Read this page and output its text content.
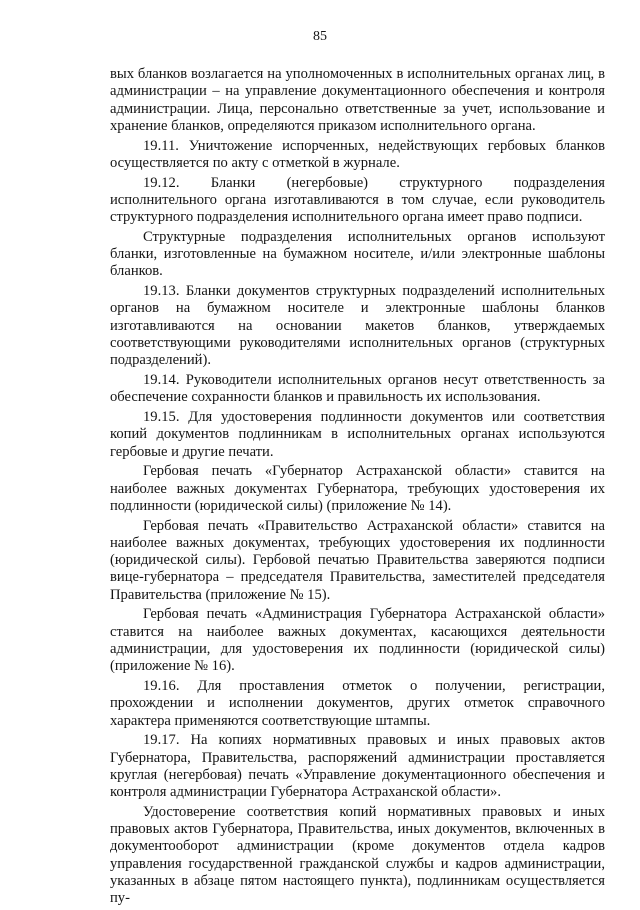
85

вых бланков возлагается на уполномоченных в исполнительных органах лиц, в администрации – на управление документационного обеспечения и контроля администрации. Лица, персонально ответственные за учет, использование и хранение бланков, определяются приказом исполнительного органа.

19.11. Уничтожение испорченных, недействующих гербовых бланков осуществляется по акту с отметкой в журнале.

19.12. Бланки (негербовые) структурного подразделения исполнительного органа изготавливаются в том случае, если руководитель структурного подразделения исполнительного органа имеет право подписи.

Структурные подразделения исполнительных органов используют бланки, изготовленные на бумажном носителе, и/или электронные шаблоны бланков.

19.13. Бланки документов структурных подразделений исполнительных органов на бумажном носителе и электронные шаблоны бланков изготавливаются на основании макетов бланков, утверждаемых соответствующими руководителями исполнительных органов (структурных подразделений).

19.14. Руководители исполнительных органов несут ответственность за обеспечение сохранности бланков и правильность их использования.

19.15. Для удостоверения подлинности документов или соответствия копий документов подлинникам в исполнительных органах используются гербовые и другие печати.

Гербовая печать «Губернатор Астраханской области» ставится на наиболее важных документах Губернатора, требующих удостоверения их подлинности (юридической силы) (приложение № 14).

Гербовая печать «Правительство Астраханской области» ставится на наиболее важных документах, требующих удостоверения их подлинности (юридической силы). Гербовой печатью Правительства заверяются подписи вице-губернатора – председателя Правительства, заместителей председателя Правительства (приложение № 15).

Гербовая печать «Администрация Губернатора Астраханской области» ставится на наиболее важных документах, касающихся деятельности администрации, для удостоверения их подлинности (юридической силы) (приложение № 16).

19.16. Для проставления отметок о получении, регистрации, прохождении и исполнении документов, других отметок справочного характера применяются соответствующие штампы.

19.17. На копиях нормативных правовых и иных правовых актов Губернатора, Правительства, распоряжений администрации проставляется круглая (негербовая) печать «Управление документационного обеспечения и контроля администрации Губернатора Астраханской области».

Удостоверение соответствия копий нормативных правовых и иных правовых актов Губернатора, Правительства, иных документов, включенных в документооборот администрации (кроме документов отдела кадров управления государственной гражданской службы и кадров администрации, указанных в абзаце пятом настоящего пункта), подлинникам осуществляется пу-
